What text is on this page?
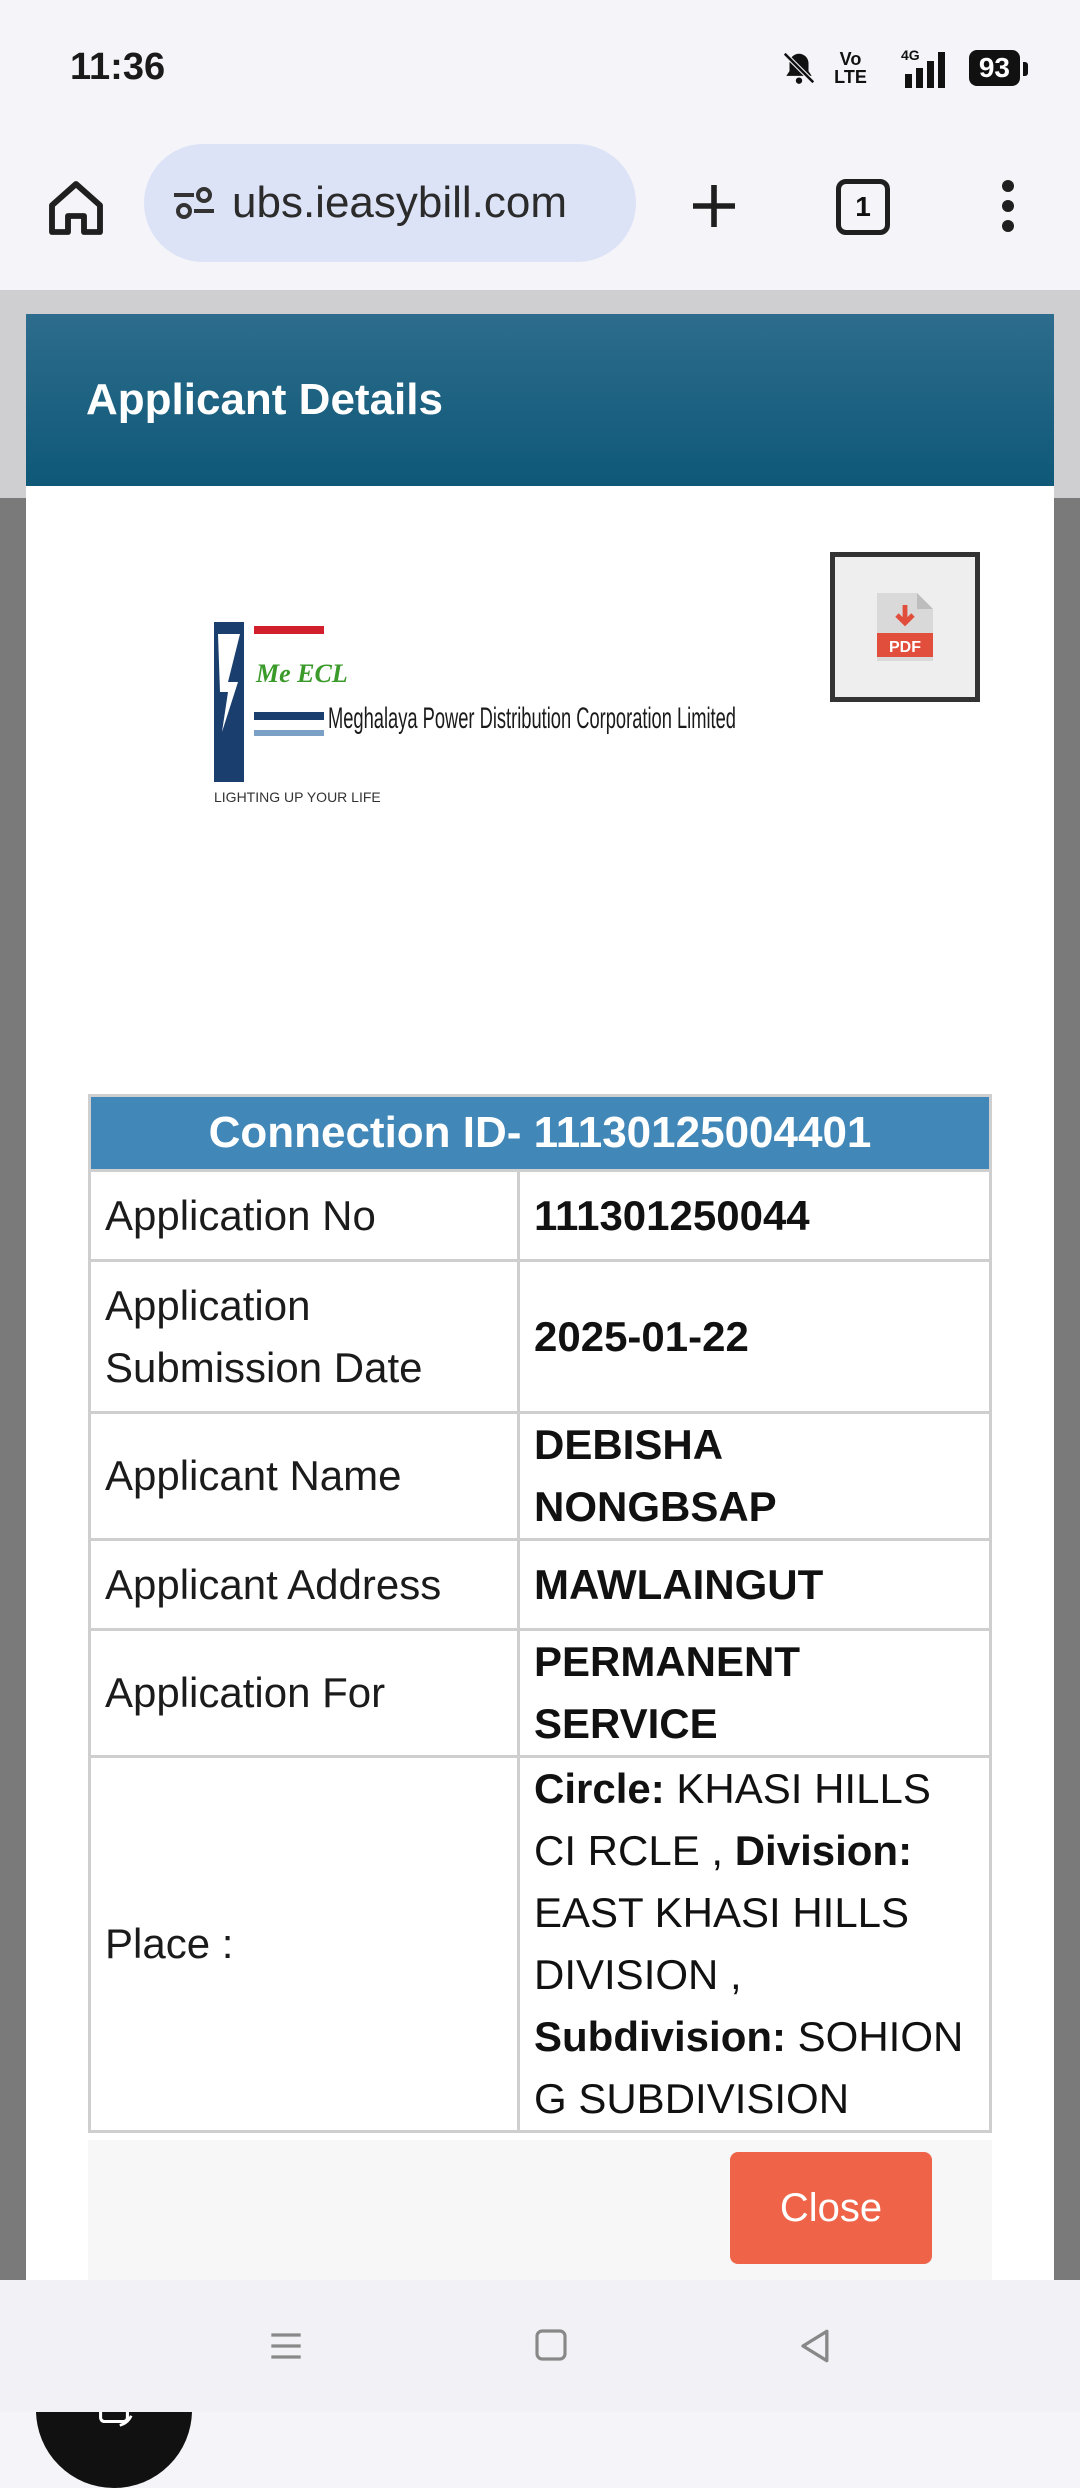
11:36	Vo
LTE
4G	93
ubs.ieasybill.com	1
Applicant Details
Me ECL
Meghalaya Power Distribution Corporation Limited
LIGHTING UP YOUR LIFE
PDF
Connection ID- 11130125004401	
Application No	111301250044
Application Submission Date	2025-01-22
Applicant Name	DEBISHA NONGBSAP
Applicant Address	MAWLAINGUT
Application For	PERMANENT SERVICE
Place :	Circle: KHASI HILLS CI RCLE , Division: EAST KHASI HILLS DIVISION , Subdivision: SOHION G SUBDIVISION
Close
